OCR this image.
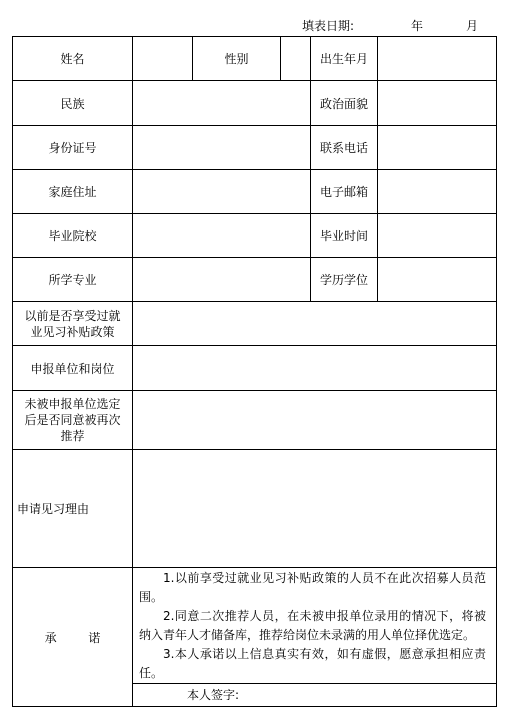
填表日期:	年	月
姓名		性别		出生年月	
民族				政治面貌	
身份证号				联系电话	
家庭住址				电子邮箱	
毕业院校				毕业时间	
所学专业				学历学位	
以前是否享受过就业见习补贴政策					
申报单位和岗位					
未被申报单位选定后是否同意被再次推荐					
申请见习理由					
承 诺	1.以前享受过就业见习补贴政策的人员不在此次招募人员范围。

2.同意二次推荐人员，在未被申报单位录用的情况下，将被纳入青年人才储备库，推荐给岗位未录满的用人单位择优选定。

3.本人承诺以上信息真实有效，如有虚假，愿意承担相应责任。

本人签字:				
